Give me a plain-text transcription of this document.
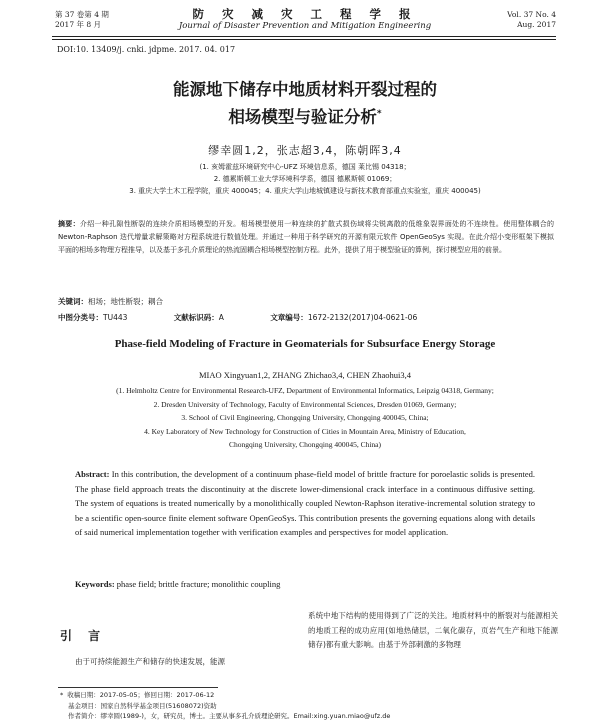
第 37 卷第 4 期
2017 年 8 月
防 灾 减 灾 工 程 学 报
Journal of Disaster Prevention and Mitigation Engineering
Vol. 37 No. 4
Aug. 2017
DOI:10. 13409/j. cnki. jdpme. 2017. 04. 017
能源地下储存中地质材料开裂过程的
相场模型与验证分析*
缪幸圆1,2，张志超3,4，陈朝晖3,4
(1. 亥姆霍兹环境研究中心-UFZ 环境信息系，德国 莱比锡 04318；
2. 德累斯顿工业大学环境科学系，德国 德累斯顿 01069；
3. 重庆大学土木工程学院，重庆 400045；4. 重庆大学山地城镇建设与新技术教育部重点实验室，重庆 400045)
摘要：介绍一种孔隙性断裂的连续介质相场模型的开发。相场模型使用一种连续的扩散式损伤域将尖锐离散的低维象裂界面处的不连续性。使用整体耦合的 Newton-Raphson 迭代增量求解策略对方程系统进行数值处理。并通过一种用于科学研究的开源有限元软件 OpenGeoSys 实现。在此介绍小变形框架下模拟平面的相场多物理方程推导，以及基于多孔介质理论的热流固耦合相场模型控制方程。此外，提供了用于模型验证的算例，探讨模型应用的前景。
关键词：相场；地性断裂；耦合
中图分类号：TU443	文献标识码：A	文章编号：1672-2132(2017)04-0621-06
Phase-field Modeling of Fracture in Geomaterials for Subsurface Energy Storage
MIAO Xingyuan1,2, ZHANG Zhichao3,4, CHEN Zhaohui3,4
(1. Helmholtz Centre for Environmental Research-UFZ, Department of Environmental Informatics, Leipzig 04318, Germany;
2. Dresden University of Technology, Faculty of Environmental Sciences, Dresden 01069, Germany;
3. School of Civil Engineering, Chongqing University, Chongqing 400045, China;
4. Key Laboratory of New Technology for Construction of Cities in Mountain Area, Ministry of Education,
Chongqing University, Chongqing 400045, China)
Abstract: In this contribution, the development of a continuum phase-field model of brittle fracture for poroelastic solids is presented. The phase field approach treats the discontinuity at the discrete lower-dimensional crack interface in a continuous diffusive setting. The system of equations is treated numerically by a monolithically coupled Newton-Raphson iterative-incremental solution strategy to be a scientific open-source finite element software OpenGeoSys. This contribution presents the governing equations along with details of said numerical implementation together with verification examples and perspectives for model application.
Keywords: phase field; brittle fracture; monolithic coupling
引 言
由于可持续能源生产和储存的快速发展，能源
系统中地下结构的使用得到了广泛的关注。地质材料中的断裂对与能源相关的地质工程的成功应用(如地热储层，二氧化碳存，页岩气生产和地下能源储存)都有重大影响。由基于外部刺激的多物理
* 收稿日期：2017-05-05；修回日期：2017-06-12
基金项目：国家自然科学基金项目(51608072)资助
作者简介：缪幸圆(1989-)，女，研究员，博士。主要从事多孔介质理论研究。Email:xing.yuan.miao@ufz.de
